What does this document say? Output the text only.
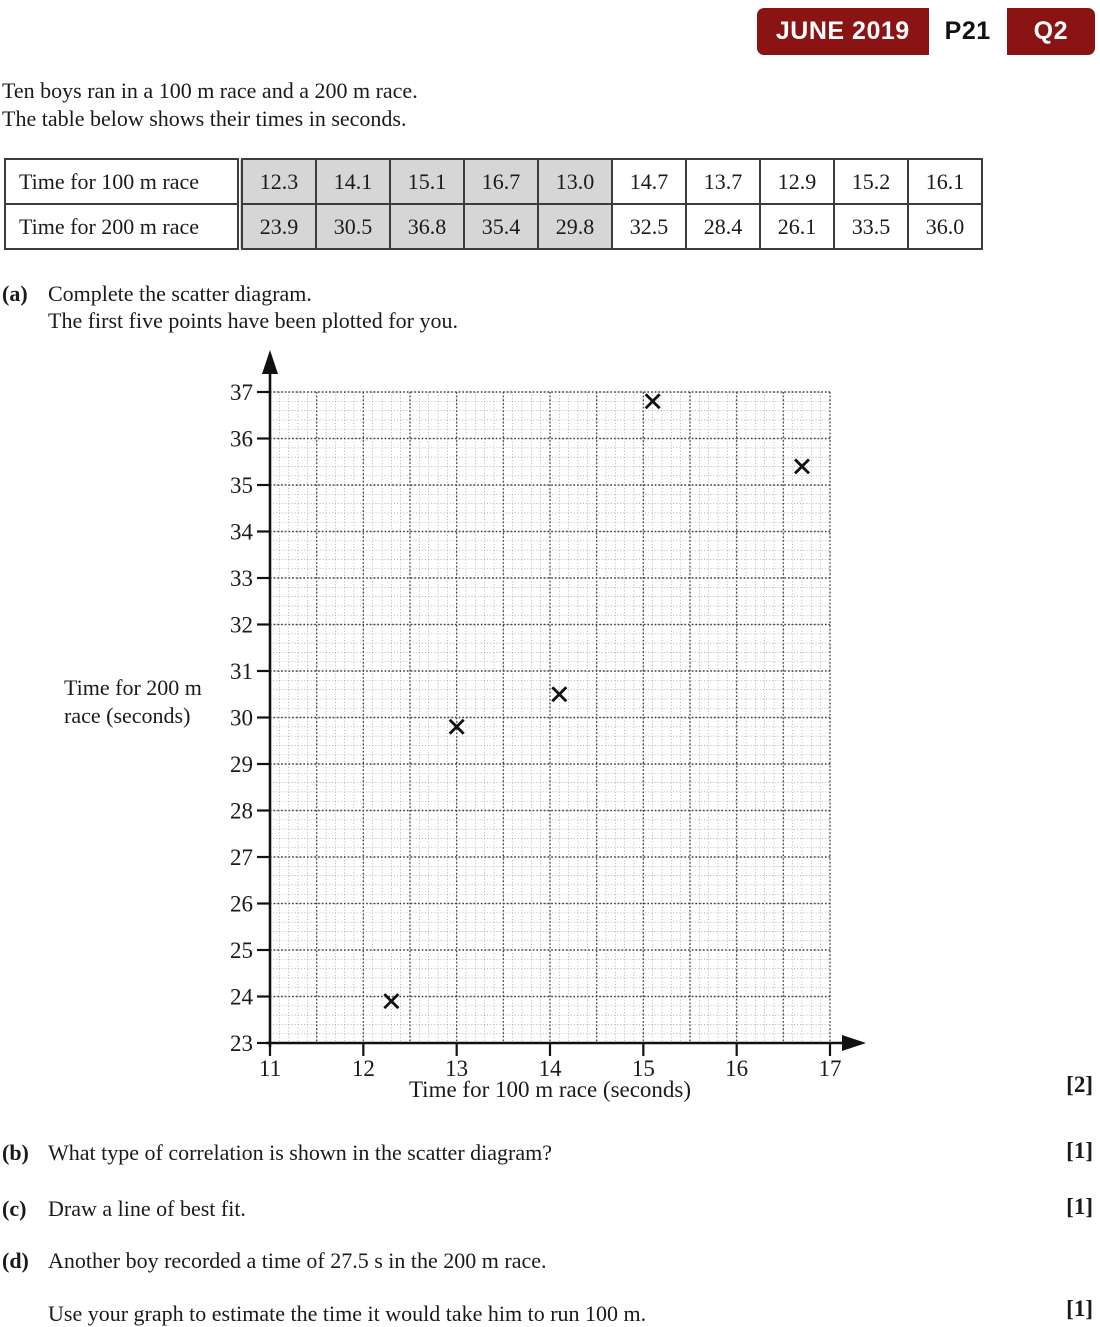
JUNE 2019	P21	Q2
Ten boys ran in a 100 m race and a 200 m race.
The table below shows their times in seconds.
Time for 100 m race	12.3	14.1	15.1	16.7	13.0	14.7	13.7	12.9	15.2	16.1
Time for 200 m race	23.9	30.5	36.8	35.4	29.8	32.5	28.4	26.1	33.5	36.0
(a) Complete the scatter diagram.
The first five points have been plotted for you.
23
24
25
26
27
28
29
30
31
32
33
34
35
36
37
11	12	13	14	15	16	17
Time for 200 m
race (seconds)
Time for 100 m race (seconds)	[2]
(b) What type of correlation is shown in the scatter diagram?	[1]
(c) Draw a line of best fit.	[1]
(d) Another boy recorded a time of 27.5 s in the 200 m race.
Use your graph to estimate the time it would take him to run 100 m.	[1]
